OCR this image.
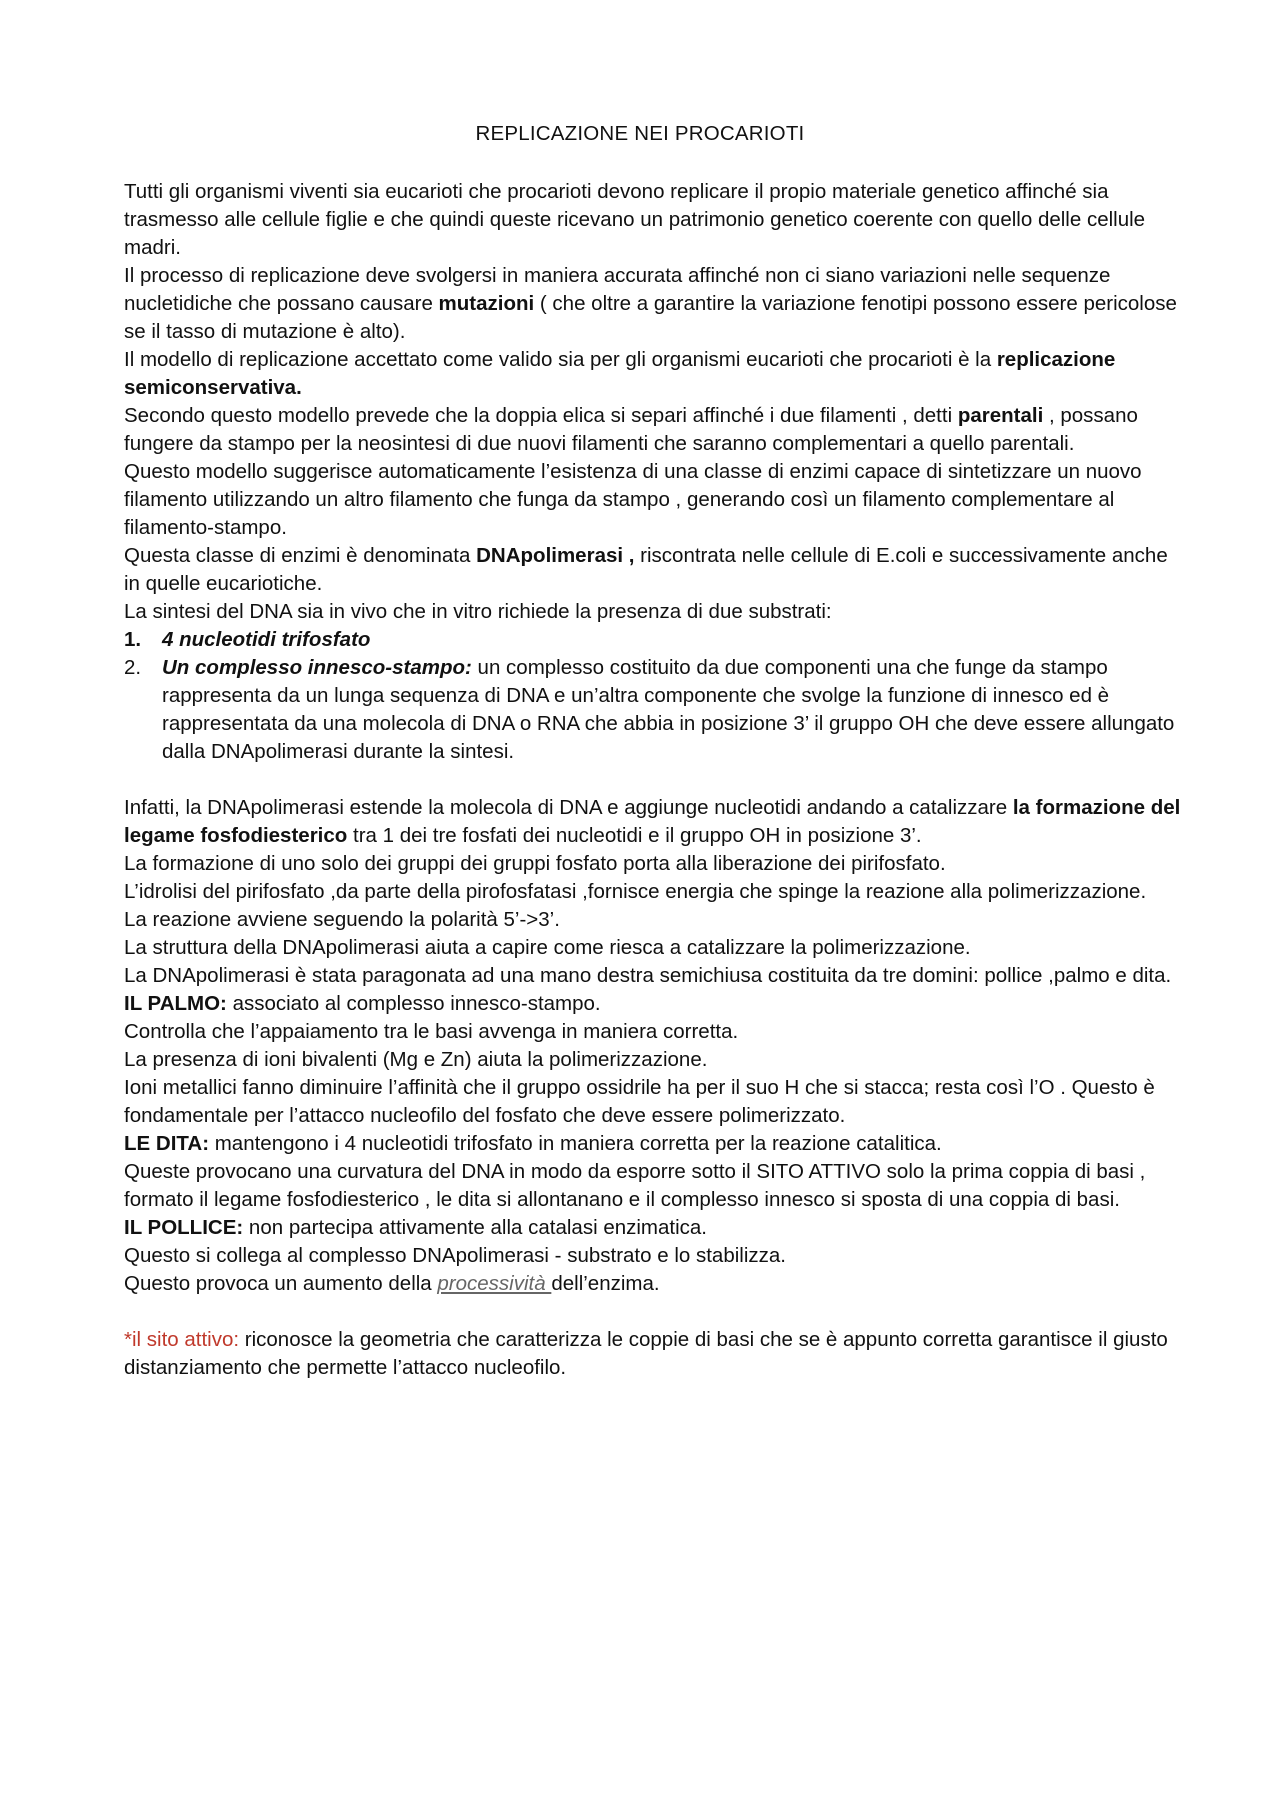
REPLICAZIONE NEI PROCARIOTI

Tutti gli organismi viventi sia eucarioti che procarioti devono replicare il propio materiale genetico affinché sia trasmesso alle cellule figlie e che quindi queste ricevano un patrimonio genetico coerente con quello delle cellule madri.

Il processo di replicazione deve svolgersi in maniera accurata affinché non ci siano variazioni nelle sequenze nucletidiche che possano causare mutazioni ( che oltre a garantire la variazione fenotipi possono essere pericolose se il tasso di mutazione è alto).

Il modello di replicazione accettato come valido sia per gli organismi eucarioti che procarioti è la replicazione semiconservativa.

Secondo questo modello prevede che la doppia elica si separi affinché i due filamenti , detti parentali , possano fungere da stampo per la neosintesi di due nuovi filamenti che saranno complementari a quello parentali.

Questo modello suggerisce automaticamente l’esistenza di una classe di enzimi capace di sintetizzare un nuovo filamento utilizzando un altro filamento che funga da stampo , generando così un filamento complementare al filamento-stampo.

Questa classe di enzimi è denominata DNApolimerasi , riscontrata nelle cellule di E.coli e successivamente anche in quelle eucariotiche.

La sintesi del DNA sia in vivo che in vitro richiede la presenza di due substrati:

1. 4 nucleotidi trifosfato
2. Un complesso innesco-stampo: un complesso costituito da due componenti una che funge da stampo rappresenta da un lunga sequenza di DNA e un’altra componente che svolge la funzione di innesco ed è rappresentata da una molecola di DNA o RNA che abbia in posizione 3’ il gruppo OH che deve essere allungato dalla DNApolimerasi durante la sintesi.

Infatti, la DNApolimerasi estende la molecola di DNA e aggiunge nucleotidi andando a catalizzare la formazione del legame fosfodiesterico tra 1 dei tre fosfati dei nucleotidi e il gruppo OH in posizione 3’.

La formazione di uno solo dei gruppi dei gruppi fosfato porta alla liberazione dei pirifosfato.

L’idrolisi del pirifosfato ,da parte della pirofosfatasi ,fornisce energia che spinge la reazione alla polimerizzazione.

La reazione avviene seguendo la polarità 5’->3’.

La struttura della DNApolimerasi aiuta a capire come riesca a catalizzare la polimerizzazione.

La DNApolimerasi è stata paragonata ad una mano destra semichiusa costituita da tre domini: pollice ,palmo e dita.

IL PALMO: associato al complesso innesco-stampo.

Controlla che l’appaiamento tra le basi avvenga in maniera corretta.

La presenza di ioni bivalenti (Mg e Zn) aiuta la polimerizzazione.

Ioni metallici fanno diminuire l’affinità che il gruppo ossidrile ha per il suo H che si stacca; resta così l’O . Questo è fondamentale per l’attacco nucleofilo del fosfato che deve essere polimerizzato.

LE DITA: mantengono i 4 nucleotidi trifosfato in maniera corretta per la reazione catalitica.

Queste provocano una curvatura del DNA in modo da esporre sotto il SITO ATTIVO solo la prima coppia di basi , formato il legame fosfodiesterico , le dita si allontanano e il complesso innesco si sposta di una coppia di basi.

IL POLLICE: non partecipa attivamente alla catalasi enzimatica.

Questo si collega al complesso DNApolimerasi - substrato e lo stabilizza.

Questo provoca un aumento della processività dell’enzima.

*il sito attivo: riconosce la geometria che caratterizza le coppie di basi che se è appunto corretta garantisce il giusto distanziamento che permette l’attacco nucleofilo.
